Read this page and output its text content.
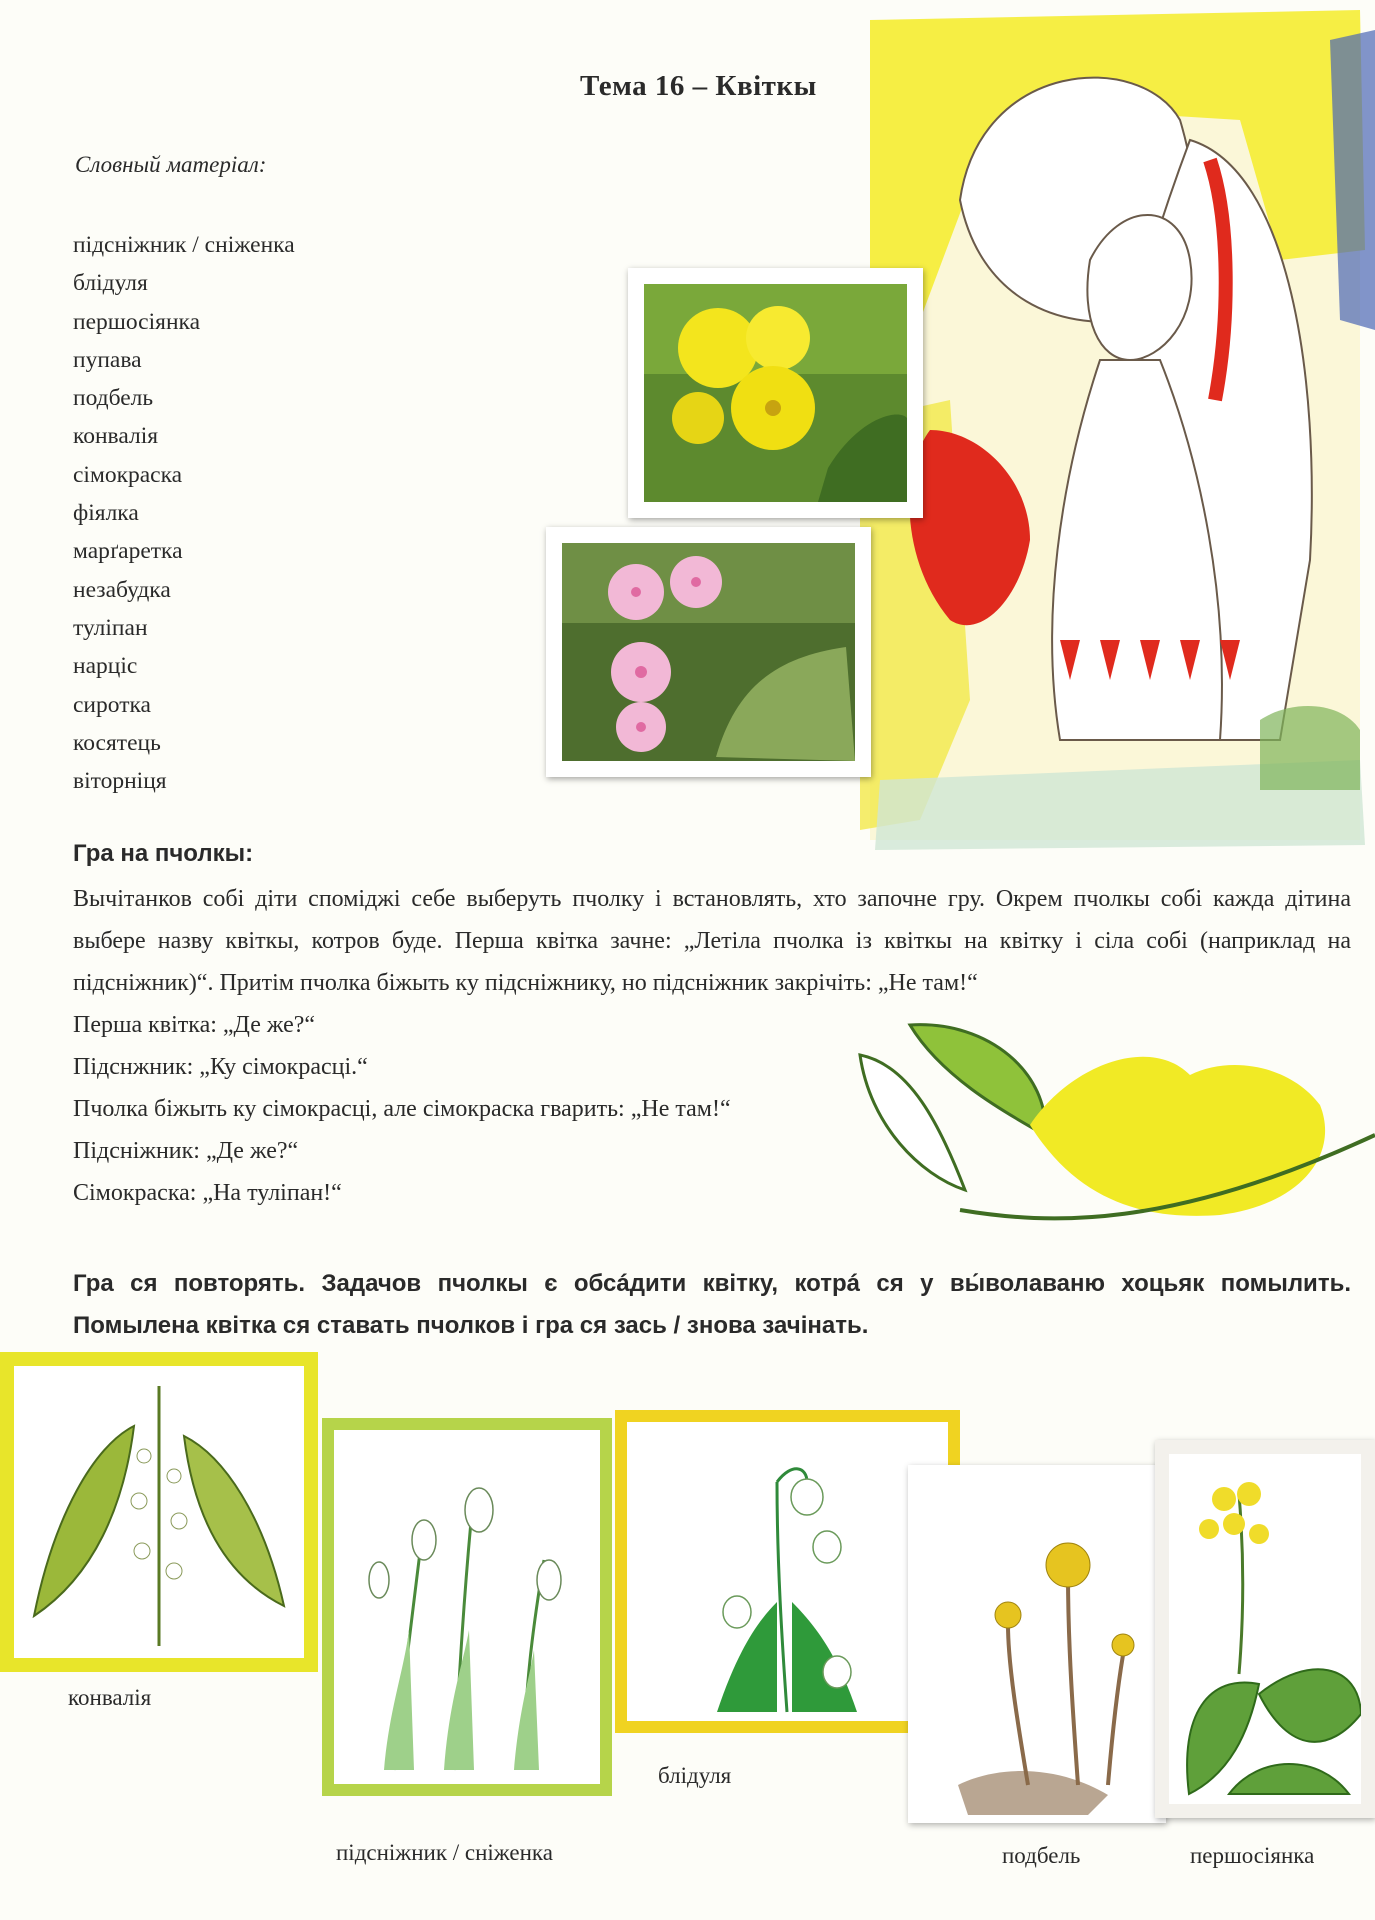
Тема 16 – Квіткы
Словный матеріал:
підсніжник / сніженка
блідуля
першосіянка
пупава
подбель
конвалія
сімокраска
фіялка
марґаретка
незабудка
туліпан
нарціс
сиротка
косятець
віторніця
Гра на пчолкы:

Вычітанков собі діти споміджі себе выберуть пчолку і встановлять, хто започне гру. Окрем пчолкы собі кажда дітина выбере назву квіткы, котров буде. Перша квітка зачне: „Летіла пчолка із квіткы на квітку і сіла собі (наприклад на підсніжник)“. Притім пчолка біжыть ку підсніжнику, но підсніжник закрічіть: „Не там!“

Перша квітка: „Де же?“

Підснжник: „Ку сімокрасці.“

Пчолка біжыть ку сімокрасці, але сімокраска гварить: „Не там!“

Підсніжник: „Де же?“

Сімокраска: „На туліпан!“

Гра ся повторять. Задачов пчолкы є обсáдити квітку, котрá ся у вы́волаваню хоцьяк помылить. Помылена квітка ся ставать пчолков і гра ся зась / знова зачінать.
конвалія
підсніжник / сніженка
блідуля
подбель	першосіянка
